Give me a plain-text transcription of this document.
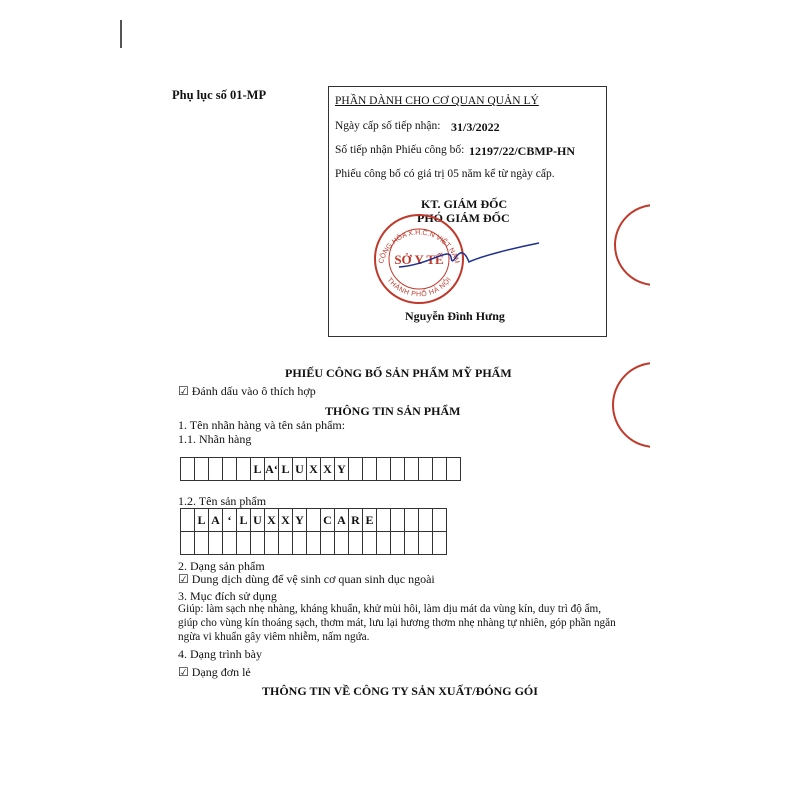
Phụ lục số 01-MP	PHẦN DÀNH CHO CƠ QUAN QUẢN LÝ
Ngày cấp số tiếp nhận: 31/3/2022
Số tiếp nhận Phiếu công bố: 12197/22/CBMP-HN
Phiếu công bố có giá trị 05 năm kể từ ngày cấp.
KT. GIÁM ĐỐC
PHÓ GIÁM ĐỐC
CỘNG HÒA X.H.C.N VIỆT NAM
THÀNH PHỐ HÀ NỘI
SỞ Y TẾ
Nguyễn Đình Hưng
PHIẾU CÔNG BỐ SẢN PHẨM MỸ PHẨM
☑ Đánh dấu vào ô thích hợp
THÔNG TIN SẢN PHẨM
1. Tên nhãn hàng và tên sản phẩm:
1.1. Nhãn hàng
L A‘ L U X X Y
1.2. Tên sản phẩm
L A ‘ L U X X Y C A R E
2. Dạng sản phẩm
☑ Dung dịch dùng để vệ sinh cơ quan sinh dục ngoài
3. Mục đích sử dụng
Giúp: làm sạch nhẹ nhàng, kháng khuẩn, khử mùi hôi, làm dịu mát da vùng kín, duy trì độ ẩm, giúp cho vùng kín thoáng sạch, thơm mát, lưu lại hương thơm nhẹ nhàng tự nhiên, góp phần ngăn ngừa vi khuẩn gây viêm nhiễm, nấm ngứa.
4. Dạng trình bày
☑ Dạng đơn lẻ
THÔNG TIN VỀ CÔNG TY SẢN XUẤT/ĐÓNG GÓI
